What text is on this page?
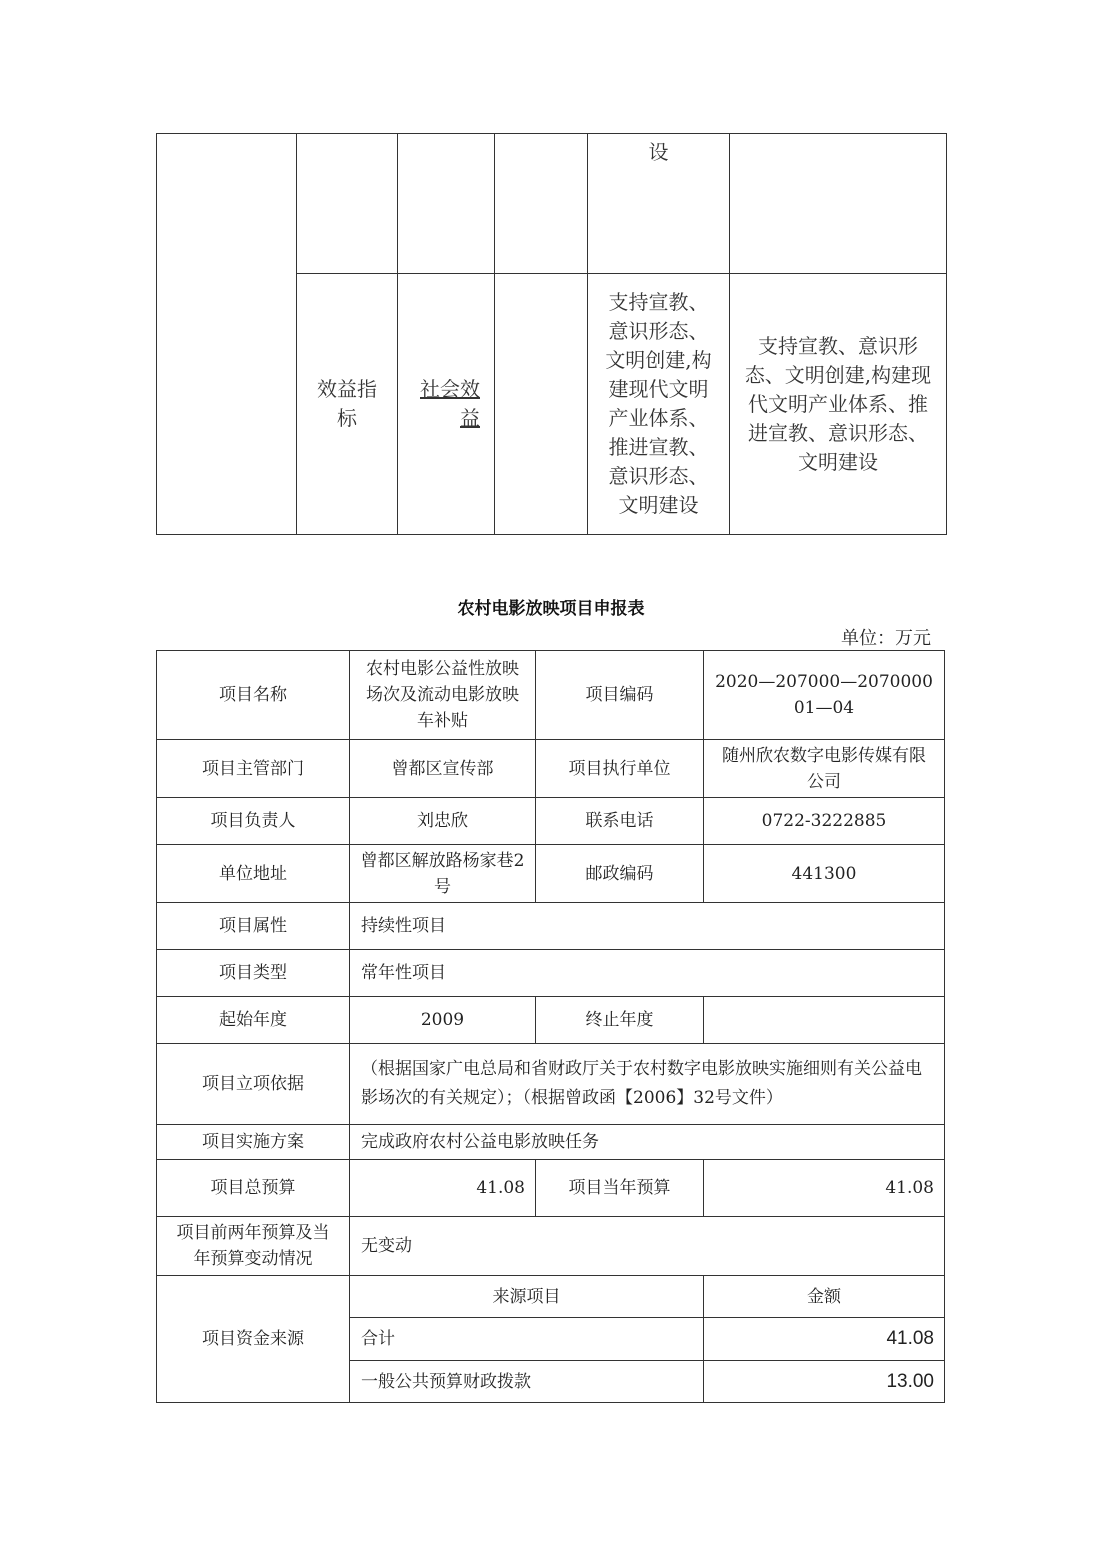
				设	

	效益指标	社会效益		支持宣教、意识形态、文明创建,构建现代文明产业体系、推进宣教、意识形态、文明建设	支持宣教、意识形态、文明创建,构建现代文明产业体系、推进宣教、意识形态、文明建设
农村电影放映项目申报表
单位：万元
项目名称	农村电影公益性放映场次及流动电影放映车补贴	项目编码	2020—207000—207000001—04

项目主管部门	曾都区宣传部	项目执行单位	随州欣农数字电影传媒有限公司

项目负责人	刘忠欣	联系电话	0722-3222885
单位地址	曾都区解放路杨家巷2号	邮政编码	441300
项目属性	持续性项目		
项目类型	常年性项目		
起始年度	2009	终止年度	
项目立项依据	（根据国家广电总局和省财政厅关于农村数字电影放映实施细则有关公益电影场次的有关规定）；（根据曾政函【2006】32号文件）		

项目实施方案	完成政府农村公益电影放映任务		
项目总预算	41.08	项目当年预算	41.08

项目前两年预算及当年预算变动情况	无变动		
项目资金来源	来源项目		金额
	合计		41.08
	一般公共预算财政拨款		13.00
